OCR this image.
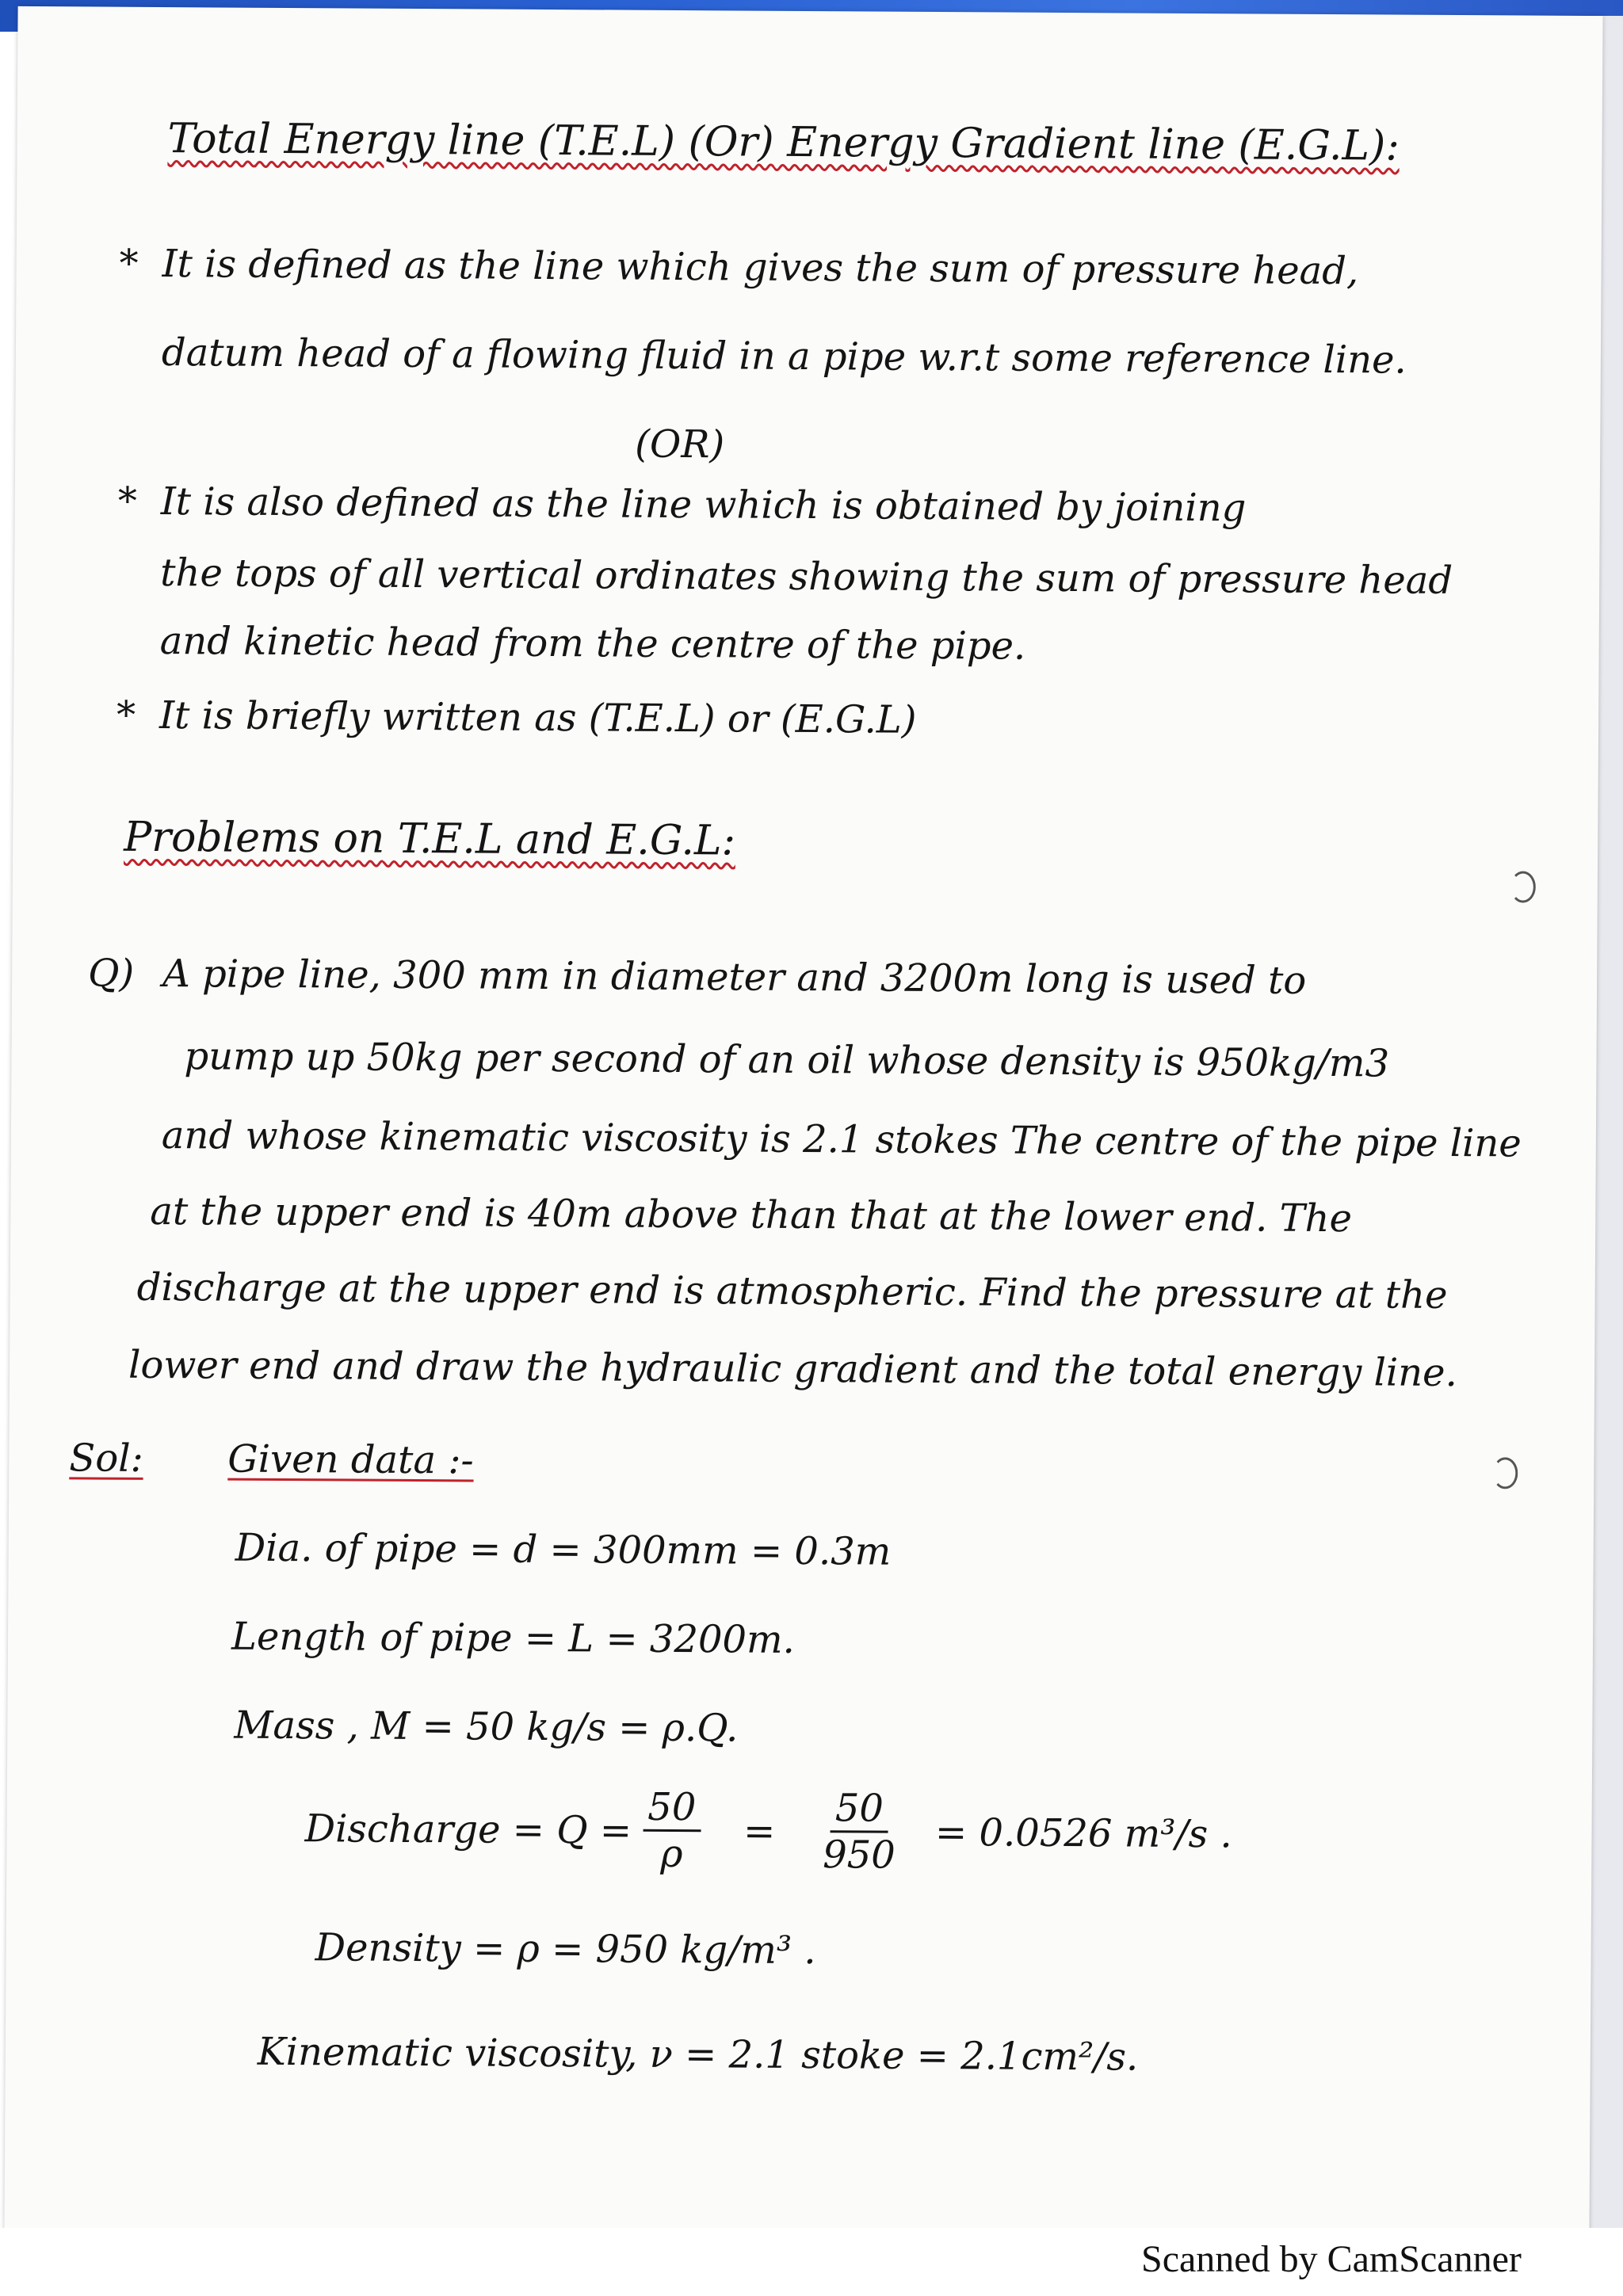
Total Energy line (T.E.L) (Or) Energy Gradient line (E.G.L):
* It is defined as the line which gives the sum of pressure head,
datum head of a flowing fluid in a pipe w.r.t some reference line.
(OR)
* It is also defined as the line which is obtained by joining
the tops of all vertical ordinates showing the sum of pressure head
and kinetic head from the centre of the pipe.
* It is briefly written as (T.E.L) or (E.G.L)
Problems on T.E.L and E.G.L:
Q) A pipe line, 300 mm in diameter and 3200m long is used to
pump up 50kg per second of an oil whose density is 950kg/m3
and whose kinematic viscosity is 2.1 stokes The centre of the pipe line
at the upper end is 40m above than that at the lower end. The
discharge at the upper end is atmospheric. Find the pressure at the
lower end and draw the hydraulic gradient and the total energy line.
Sol: Given data :-
Dia. of pipe = d = 300mm = 0.3m
Length of pipe = L = 3200m.
Mass , M = 50 kg/s = ρ.Q.
Discharge = $Q = \frac{50}{\rho} = \frac{50}{950} = 0.0526$ m³/s .
Density = ρ = 950 kg/m³ .
Kinematic viscosity, ν = 2.1 stoke = 2.1cm²/s.
Scanned by CamScanner
